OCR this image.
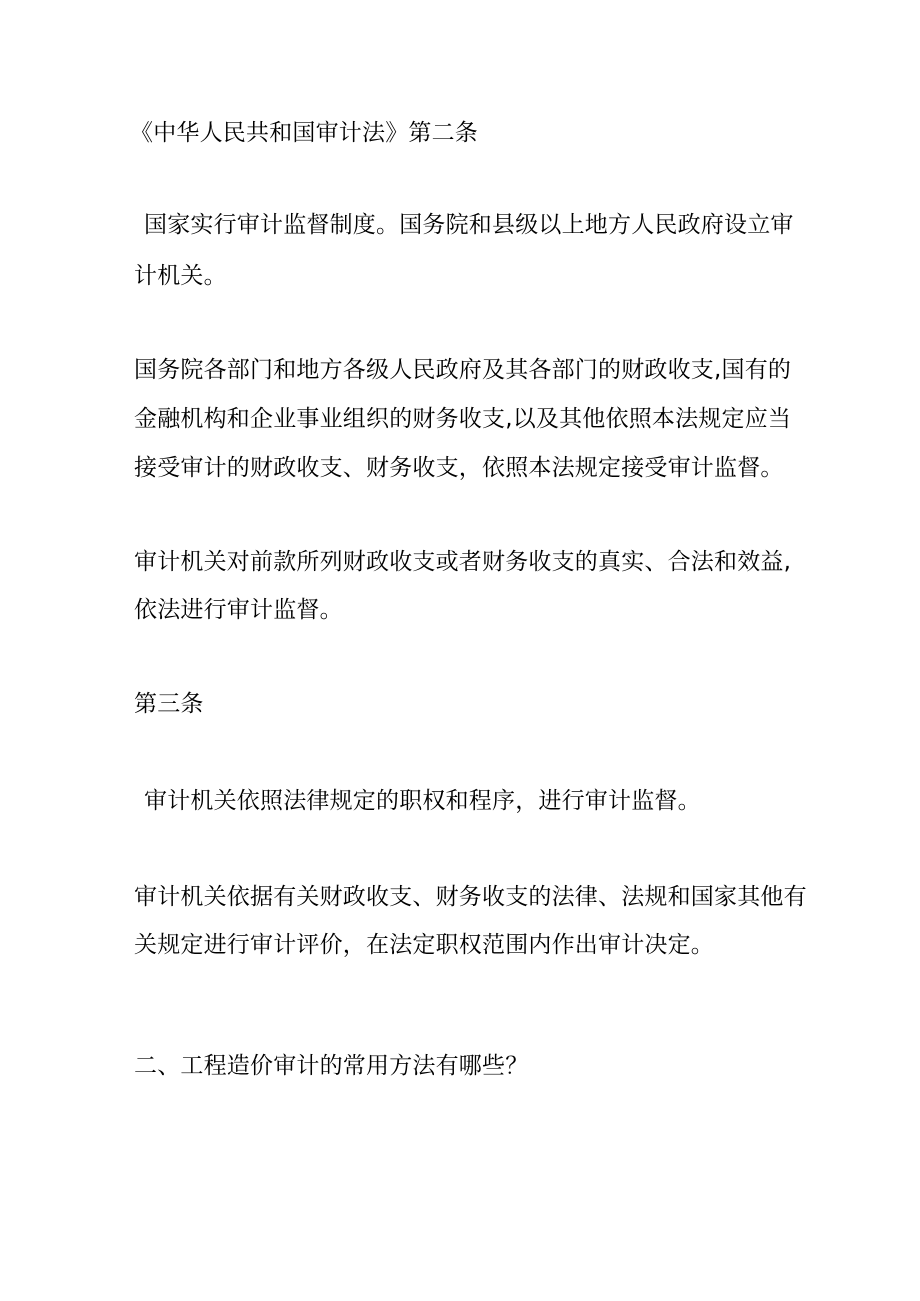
《中华人民共和国审计法》第二条
国家实行审计监督制度。国务院和县级以上地方人民政府设立审
计机关。
国务院各部门和地方各级人民政府及其各部门的财政收支,国有的
金融机构和企业事业组织的财务收支,以及其他依照本法规定应当
接受审计的财政收支、财务收支，依照本法规定接受审计监督。
审计机关对前款所列财政收支或者财务收支的真实、合法和效益,
依法进行审计监督。
第三条
审计机关依照法律规定的职权和程序，进行审计监督。
审计机关依据有关财政收支、财务收支的法律、法规和国家其他有
关规定进行审计评价，在法定职权范围内作出审计决定。
二、工程造价审计的常用方法有哪些？
